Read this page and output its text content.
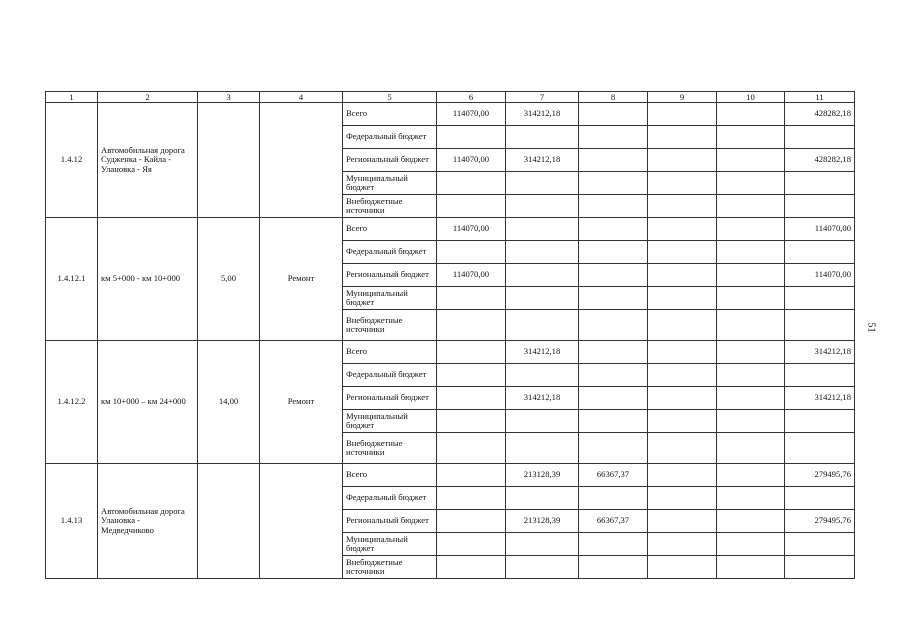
1	2	3	4	5	6	7	8	9	10	11
1.4.12	Автомобильная дорога Судженка - Кайла - Улановка - Яя			Всего	114070,00	314212,18				428282,18
				Федеральный бюджет						
				Региональный бюджет	114070,00	314212,18				428282,18
				Муниципальный бюджет						
				Внебюджетные источники						
1.4.12.1	км 5+000 - км 10+000	5,00	Ремонт	Всего	114070,00					114070,00
				Федеральный бюджет						
				Региональный бюджет	114070,00					114070,00
				Муниципальный бюджет						
				Внебюджетные источники						
1.4.12.2	км 10+000 – км 24+000	14,00	Ремонт	Всего		314212,18				314212,18
				Федеральный бюджет						
				Региональный бюджет		314212,18				314212,18
				Муниципальный бюджет						
				Внебюджетные источники						
1.4.13	Автомобильная дорога Улановка - Медведчиково			Всего		213128,39	66367,37			279495,76
				Федеральный бюджет						
				Региональный бюджет		213128,39	66367,37			279495,76
				Муниципальный бюджет						
				Внебюджетные источники						
51
